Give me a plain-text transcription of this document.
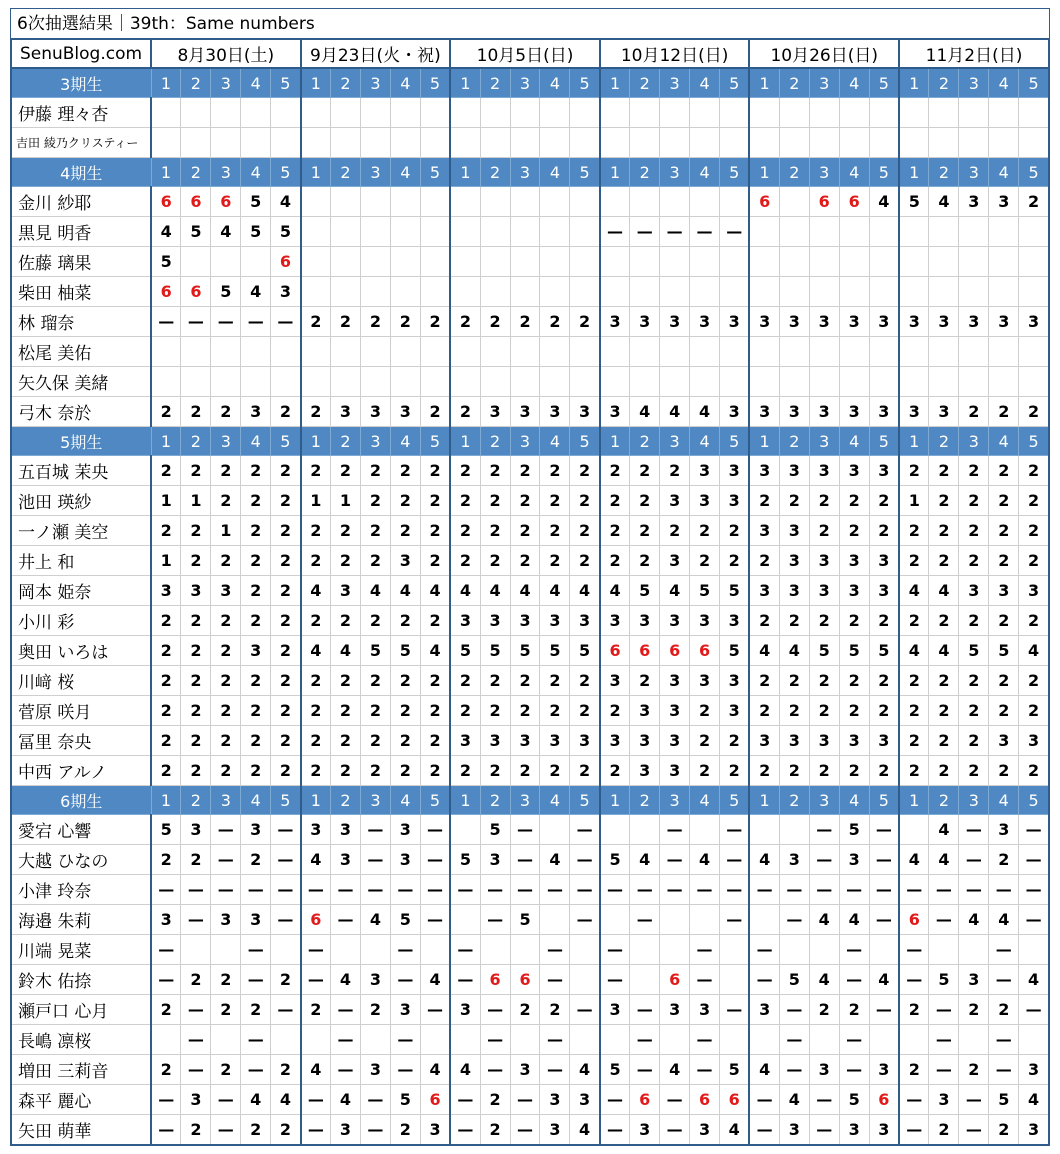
6次抽選結果｜39th：Same numbers
SenuBlog.com	8月30日(土)					9月23日(火・祝)					10月5日(日)					10月12日(日)					10月26日(日)					11月2日(日)				
3期生	1	2	3	4	5	1	2	3	4	5	1	2	3	4	5	1	2	3	4	5	1	2	3	4	5	1	2	3	4	5
伊藤 理々杏																														
吉田 綾乃クリスティー																														
4期生	1	2	3	4	5	1	2	3	4	5	1	2	3	4	5	1	2	3	4	5	1	2	3	4	5	1	2	3	4	5
金川 紗耶	6	6	6	5	4																6		6	6	4	5	4	3	3	2
黒見 明香	4	5	4	5	5											—	—	—	—	—										
佐藤 璃果	5				6																									
柴田 柚菜	6	6	5	4	3																									
林 瑠奈	—	—	—	—	—	2	2	2	2	2	2	2	2	2	2	3	3	3	3	3	3	3	3	3	3	3	3	3	3	3
松尾 美佑																														
矢久保 美緒																														
弓木 奈於	2	2	2	3	2	2	3	3	3	2	2	3	3	3	3	3	4	4	4	3	3	3	3	3	3	3	3	2	2	2
5期生	1	2	3	4	5	1	2	3	4	5	1	2	3	4	5	1	2	3	4	5	1	2	3	4	5	1	2	3	4	5
五百城 茉央	2	2	2	2	2	2	2	2	2	2	2	2	2	2	2	2	2	2	3	3	3	3	3	3	3	2	2	2	2	2
池田 瑛紗	1	1	2	2	2	1	1	2	2	2	2	2	2	2	2	2	2	3	3	3	2	2	2	2	2	1	2	2	2	2
一ノ瀬 美空	2	2	1	2	2	2	2	2	2	2	2	2	2	2	2	2	2	2	2	2	3	3	2	2	2	2	2	2	2	2
井上 和	1	2	2	2	2	2	2	2	3	2	2	2	2	2	2	2	2	3	2	2	2	3	3	3	3	2	2	2	2	2
岡本 姫奈	3	3	3	2	2	4	3	4	4	4	4	4	4	4	4	4	5	4	5	5	3	3	3	3	3	4	4	3	3	3
小川 彩	2	2	2	2	2	2	2	2	2	2	3	3	3	3	3	3	3	3	3	3	2	2	2	2	2	2	2	2	2	2
奥田 いろは	2	2	2	3	2	4	4	5	5	4	5	5	5	5	5	6	6	6	6	5	4	4	5	5	5	4	4	5	5	4
川﨑 桜	2	2	2	2	2	2	2	2	2	2	2	2	2	2	2	3	2	3	3	3	2	2	2	2	2	2	2	2	2	2
菅原 咲月	2	2	2	2	2	2	2	2	2	2	2	2	2	2	2	2	3	3	2	3	2	2	2	2	2	2	2	2	2	2
冨里 奈央	2	2	2	2	2	2	2	2	2	2	3	3	3	3	3	3	3	3	2	2	3	3	3	3	3	2	2	2	3	3
中西 アルノ	2	2	2	2	2	2	2	2	2	2	2	2	2	2	2	2	3	3	2	2	2	2	2	2	2	2	2	2	2	2
6期生	1	2	3	4	5	1	2	3	4	5	1	2	3	4	5	1	2	3	4	5	1	2	3	4	5	1	2	3	4	5
愛宕 心響	5	3	—	3	—	3	3	—	3	—		5	—		—			—		—			—	5	—		4	—	3	—
大越 ひなの	2	2	—	2	—	4	3	—	3	—	5	3	—	4	—	5	4	—	4	—	4	3	—	3	—	4	4	—	2	—
小津 玲奈	—	—	—	—	—	—	—	—	—	—	—	—	—	—	—	—	—	—	—	—	—	—	—	—	—	—	—	—	—	—
海邉 朱莉	3	—	3	3	—	6	—	4	5	—		—	5		—		—			—		—	4	4	—	6	—	4	4	—
川端 晃菜	—			—		—			—		—			—		—			—		—			—		—			—	
鈴木 佑捺	—	2	2	—	2	—	4	3	—	4	—	6	6	—		—		6	—		—	5	4	—	4	—	5	3	—	4
瀬戸口 心月	2	—	2	2	—	2	—	2	3	—	3	—	2	2	—	3	—	3	3	—	3	—	2	2	—	2	—	2	2	—
長嶋 凛桜		—		—			—		—			—		—			—		—			—		—			—		—	
増田 三莉音	2	—	2	—	2	4	—	3	—	4	4	—	3	—	4	5	—	4	—	5	4	—	3	—	3	2	—	2	—	3
森平 麗心	—	3	—	4	4	—	4	—	5	6	—	2	—	3	3	—	6	—	6	6	—	4	—	5	6	—	3	—	5	4
矢田 萌華	—	2	—	2	2	—	3	—	2	3	—	2	—	3	4	—	3	—	3	4	—	3	—	3	3	—	2	—	2	3
